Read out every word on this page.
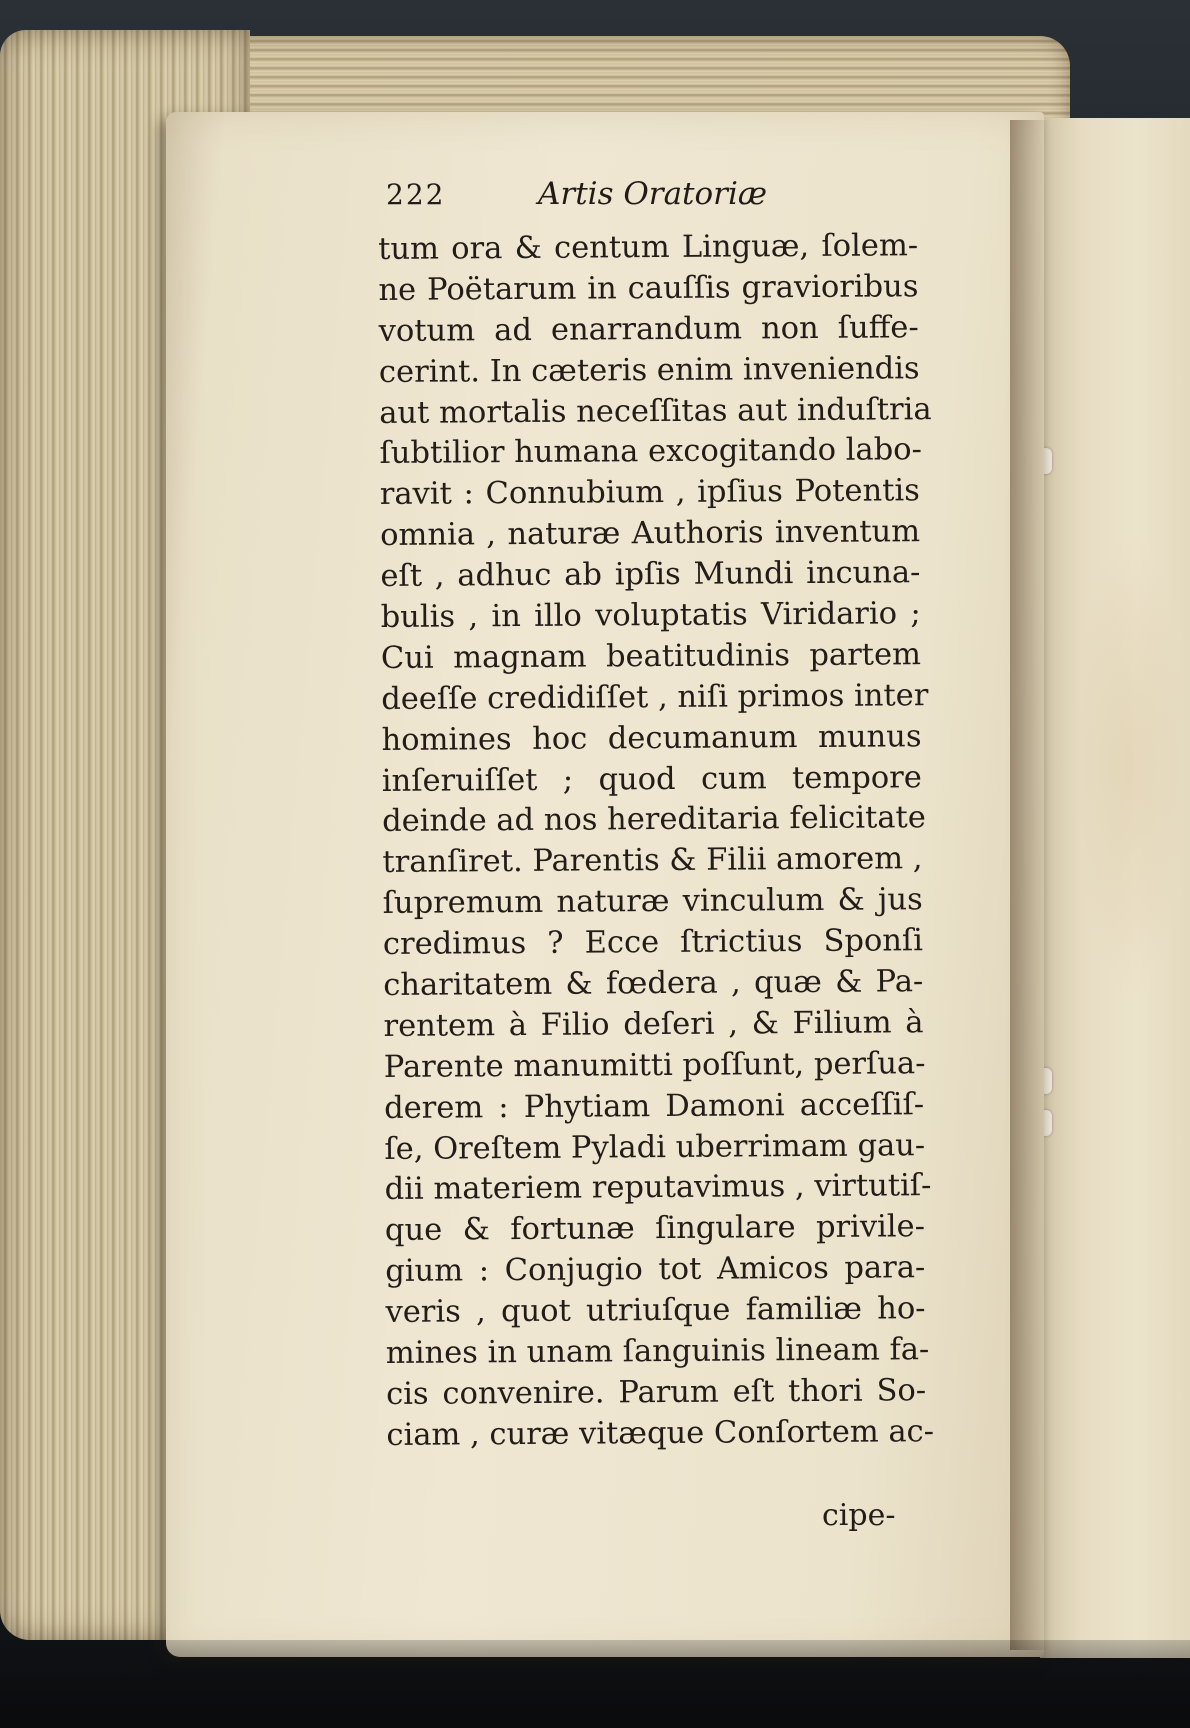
222	Artis Oratoriæ
tum ora & centum Linguæ, ſolem-
ne Poëtarum in cauſſis gravioribus
votum ad enarrandum non ſuffe-
cerint. In cæteris enim inveniendis
aut mortalis neceſſitas aut induſtria
ſubtilior humana excogitando labo-
ravit : Connubium , ipſius Potentis
omnia , naturæ Authoris inventum
eſt , adhuc ab ipſis Mundi incuna-
bulis , in illo voluptatis Viridario ;
Cui magnam beatitudinis partem
deeſſe credidiſſet , niſi primos inter
homines hoc decumanum munus
inſeruiſſet ; quod cum tempore
deinde ad nos hereditaria felicitate
tranſiret. Parentis & Filii amorem ,
ſupremum naturæ vinculum & jus
credimus ? Ecce ſtrictius Sponſi
charitatem & fœdera , quæ & Pa-
rentem à Filio deſeri , & Filium à
Parente manumitti poſſunt, perſua-
derem : Phytiam Damoni acceſſiſ-
ſe, Oreſtem Pyladi uberrimam gau-
dii materiem reputavimus , virtutiſ-
que & fortunæ ſingulare privile-
gium : Conjugio tot Amicos para-
veris , quot utriuſque familiæ ho-
mines in unam ſanguinis lineam fa-
cis convenire. Parum eſt thori So-
ciam , curæ vitæque Conſortem ac-
cipe-
